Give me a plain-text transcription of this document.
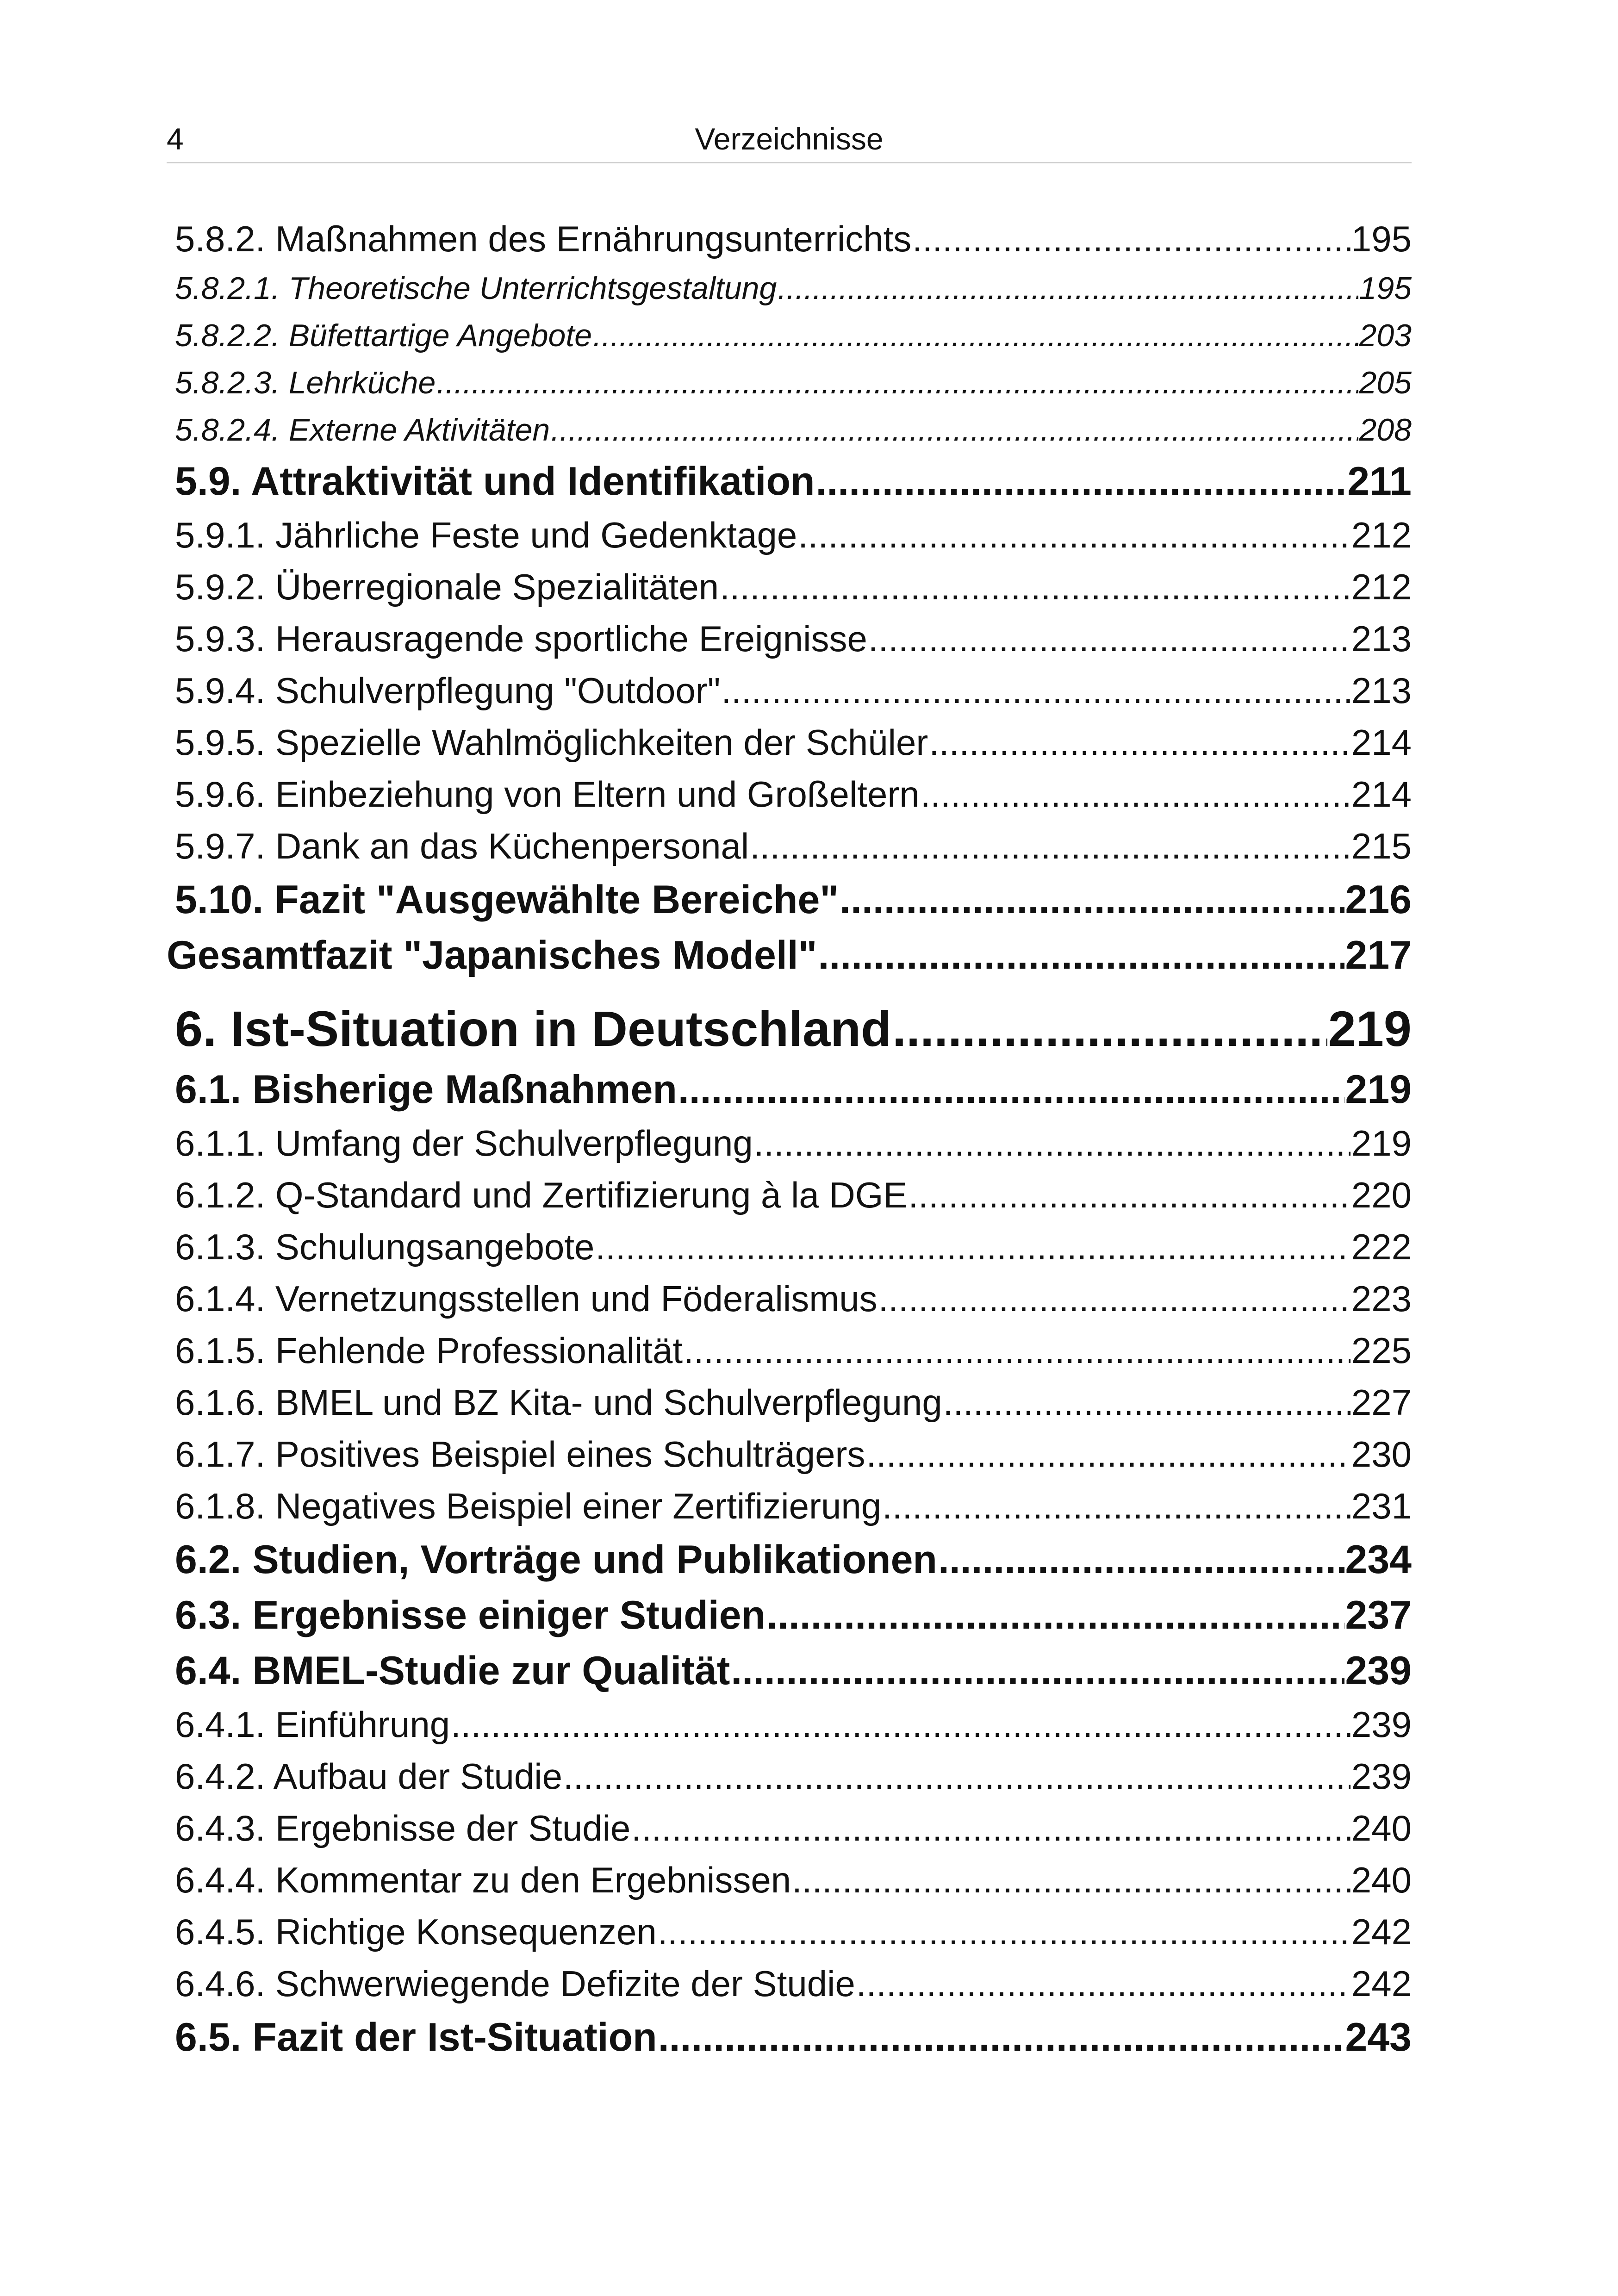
4	Verzeichnisse
5.8.2. Maßnahmen des Ernährungsunterrichts .....	195
5.8.2.1. Theoretische Unterrichtsgestaltung .....	195
5.8.2.2. Büfettartige Angebote .....	203
5.8.2.3. Lehrküche .....	205
5.8.2.4. Externe Aktivitäten .....	208
5.9. Attraktivität und Identifikation .....	211
5.9.1. Jährliche Feste und Gedenktage .....	212
5.9.2. Überregionale Spezialitäten .....	212
5.9.3. Herausragende sportliche Ereignisse .....	213
5.9.4. Schulverpflegung "Outdoor" .....	213
5.9.5. Spezielle Wahlmöglichkeiten der Schüler .....	214
5.9.6. Einbeziehung von Eltern und Großeltern .....	214
5.9.7. Dank an das Küchenpersonal .....	215
5.10. Fazit "Ausgewählte Bereiche" .....	216
Gesamtfazit "Japanisches Modell" .....	217
6. Ist-Situation in Deutschland .....	219
6.1. Bisherige Maßnahmen .....	219
6.1.1. Umfang der Schulverpflegung .....	219
6.1.2. Q-Standard und Zertifizierung à la DGE .....	220
6.1.3. Schulungsangebote .....	222
6.1.4. Vernetzungsstellen und Föderalismus .....	223
6.1.5. Fehlende Professionalität .....	225
6.1.6. BMEL und BZ Kita- und Schulverpflegung .....	227
6.1.7. Positives Beispiel eines Schulträgers .....	230
6.1.8. Negatives Beispiel einer Zertifizierung .....	231
6.2. Studien, Vorträge und Publikationen .....	234
6.3. Ergebnisse einiger Studien .....	237
6.4. BMEL-Studie zur Qualität .....	239
6.4.1. Einführung .....	239
6.4.2. Aufbau der Studie .....	239
6.4.3. Ergebnisse der Studie .....	240
6.4.4. Kommentar zu den Ergebnissen .....	240
6.4.5. Richtige Konsequenzen .....	242
6.4.6. Schwerwiegende Defizite der Studie .....	242
6.5. Fazit der Ist-Situation .....	243
